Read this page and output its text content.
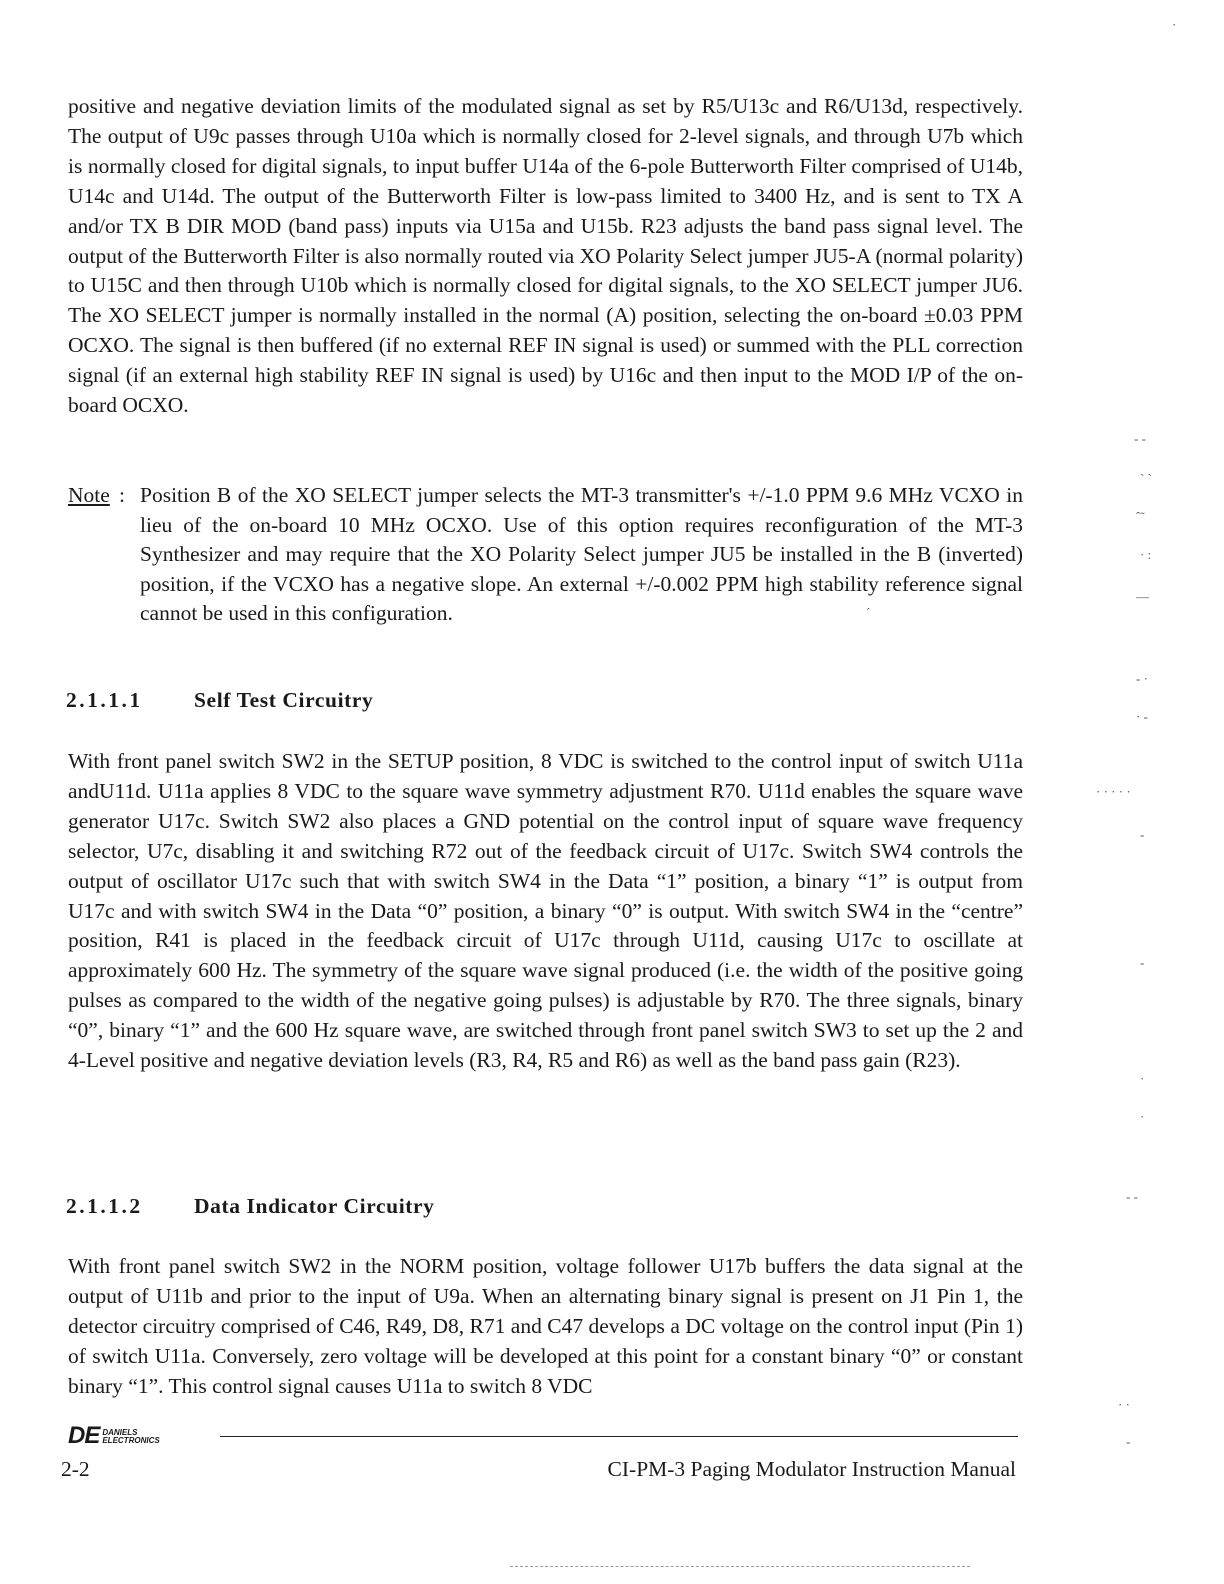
positive and negative deviation limits of the modulated signal as set by R5/U13c and R6/U13d, respectively. The output of U9c passes through U10a which is normally closed for 2-level signals, and through U7b which is normally closed for digital signals, to input buffer U14a of the 6-pole Butterworth Filter comprised of U14b, U14c and U14d. The output of the Butterworth Filter is low-pass limited to 3400 Hz, and is sent to TX A and/or TX B DIR MOD (band pass) inputs via U15a and U15b. R23 adjusts the band pass signal level. The output of the Butterworth Filter is also normally routed via XO Polarity Select jumper JU5-A (normal polarity) to U15C and then through U10b which is normally closed for digital signals, to the XO SELECT jumper JU6. The XO SELECT jumper is normally installed in the normal (A) position, selecting the on-board ±0.03 PPM OCXO. The signal is then buffered (if no external REF IN signal is used) or summed with the PLL correction signal (if an external high stability REF IN signal is used) by U16c and then input to the MOD I/P of the on-board OCXO.

Note : Position B of the XO SELECT jumper selects the MT-3 transmitter's +/-1.0 PPM 9.6 MHz VCXO in lieu of the on-board 10 MHz OCXO. Use of this option requires reconfiguration of the MT-3 Synthesizer and may require that the XO Polarity Select jumper JU5 be installed in the B (inverted) position, if the VCXO has a negative slope. An external +/-0.002 PPM high stability reference signal cannot be used in this configuration.

2.1.1.1 Self Test Circuitry

With front panel switch SW2 in the SETUP position, 8 VDC is switched to the control input of switch U11a andU11d. U11a applies 8 VDC to the square wave symmetry adjustment R70. U11d enables the square wave generator U17c. Switch SW2 also places a GND potential on the control input of square wave frequency selector, U7c, disabling it and switching R72 out of the feedback circuit of U17c. Switch SW4 controls the output of oscillator U17c such that with switch SW4 in the Data “1” position, a binary “1” is output from U17c and with switch SW4 in the Data “0” position, a binary “0” is output. With switch SW4 in the “centre” position, R41 is placed in the feedback circuit of U17c through U11d, causing U17c to oscillate at approximately 600 Hz. The symmetry of the square wave signal produced (i.e. the width of the positive going pulses as compared to the width of the negative going pulses) is adjustable by R70. The three signals, binary “0”, binary “1” and the 600 Hz square wave, are switched through front panel switch SW3 to set up the 2 and 4-Level positive and negative deviation levels (R3, R4, R5 and R6) as well as the band pass gain (R23).

2.1.1.2 Data Indicator Circuitry

With front panel switch SW2 in the NORM position, voltage follower U17b buffers the data signal at the output of U11b and prior to the input of U9a. When an alternating binary signal is present on J1 Pin 1, the detector circuitry comprised of C46, R49, D8, R71 and C47 develops a DC voltage on the control input (Pin 1) of switch U11a. Conversely, zero voltage will be developed at this point for a constant binary “0” or constant binary “1”. This control signal causes U11a to switch 8 VDC

DE DANIELS
ELECTRONICS
2-2	CI-PM-3 Paging Modulator Instruction Manual
·
- -
` `
ˆ˜
· :
—
´
- ·
· -
· · · · ·
-
-
·
·
- -
· ·
-
